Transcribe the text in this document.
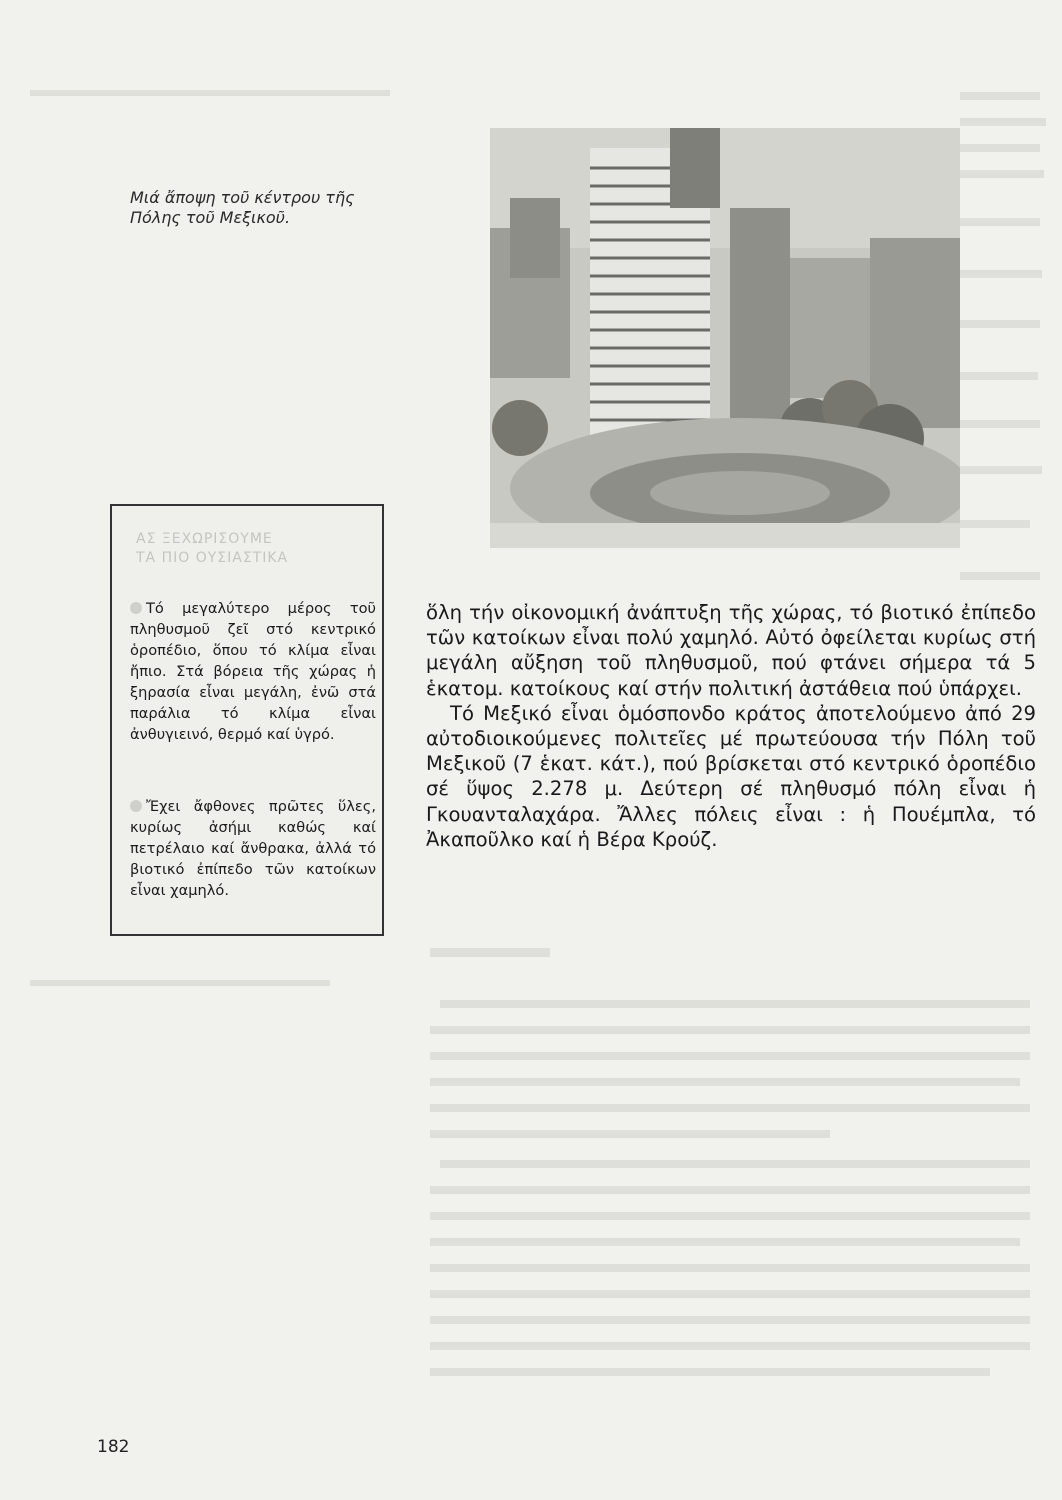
Μιά ἄποψη τοῦ κέντρου τῆς
Πόλης τοῦ Μεξικοῦ.
ΑΣ ΞΕΧΩΡΙΣΟΥΜΕ
ΤΑ ΠΙΟ ΟΥΣΙΑΣΤΙΚΑ
Τό μεγαλύτερο μέρος τοῦ πληθυσμοῦ ζεῖ στό κεντρικό ὁροπέδιο, ὅπου τό κλίμα εἶναι ἤπιο. Στά βόρεια τῆς χώρας ἡ ξηρασία εἶναι μεγάλη, ἐνῶ στά παράλια τό κλίμα εἶναι ἀνθυγιεινό, θερμό καί ὑγρό.
Ἔχει ἄφθονες πρῶτες ὕλες, κυρίως ἀσήμι καθώς καί πετρέλαιο καί ἄνθρακα, ἀλλά τό βιοτικό ἐπίπεδο τῶν κατοίκων εἶναι χαμηλό.

ὅλη τήν οἰκονομική ἀνάπτυξη τῆς χώρας, τό βιοτικό ἐπίπεδο τῶν κατοίκων εἶναι πολύ χαμηλό. Αὐτό ὀφείλεται κυρίως στή μεγάλη αὔξηση τοῦ πληθυσμοῦ, πού φτάνει σήμερα τά 5 ἑκατομ. κατοίκους καί στήν πολιτική ἀστάθεια πού ὑπάρχει.

Τό Μεξικό εἶναι ὁμόσπονδο κράτος ἀποτελούμενο ἀπό 29 αὐτοδιοικούμενες πολιτεῖες μέ πρωτεύουσα τήν Πόλη τοῦ Μεξικοῦ (7 ἑκατ. κάτ.), πού βρίσκεται στό κεντρικό ὁροπέδιο σέ ὕψος 2.278 μ. Δεύτερη σέ πληθυσμό πόλη εἶναι ἡ Γκουανταλαχάρα. Ἄλλες πόλεις εἶναι : ἡ Πουέμπλα, τό Ἀκαποῦλκο καί ἡ Βέρα Κρούζ.

182
